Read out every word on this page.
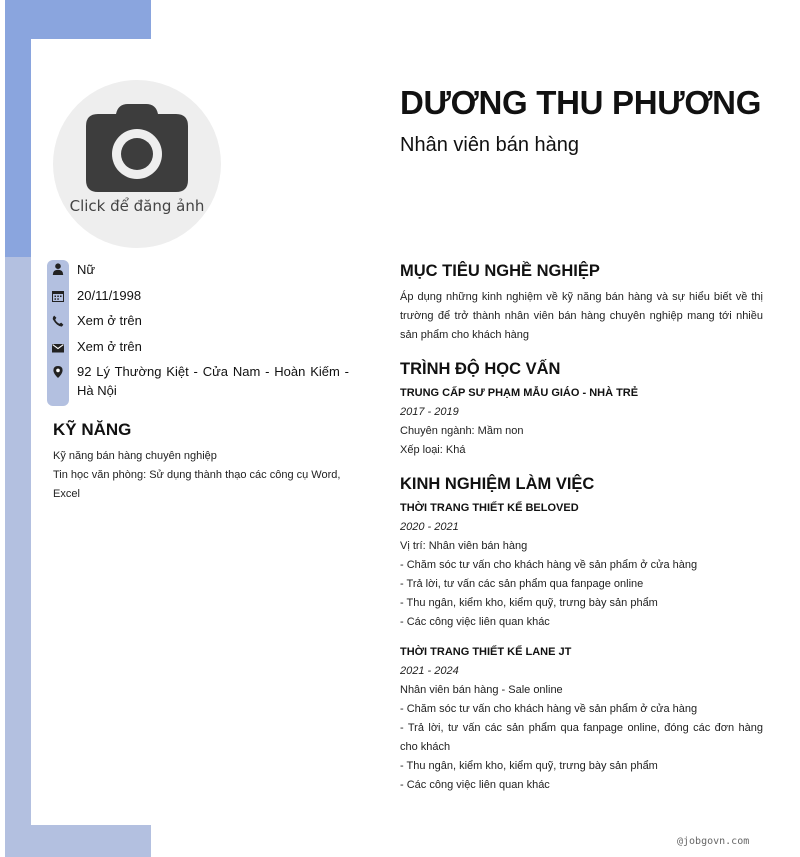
Click để đăng ảnh
Nữ
20/11/1998
Xem ở trên
Xem ở trên
92 Lý Thường Kiệt - Cửa Nam - Hoàn Kiếm - Hà Nội
KỸ NĂNG
Kỹ năng bán hàng chuyên nghiệp
Tin học văn phòng: Sử dụng thành thạo các công cụ Word, Excel
DƯƠNG THU PHƯƠNG
Nhân viên bán hàng
MỤC TIÊU NGHỀ NGHIỆP
Áp dụng những kinh nghiệm về kỹ năng bán hàng và sự hiểu biết về thị trường để trở thành nhân viên bán hàng chuyên nghiệp mang tới nhiều sản phẩm cho khách hàng
TRÌNH ĐỘ HỌC VẤN
TRUNG CẤP SƯ PHẠM MẪU GIÁO - NHÀ TRẺ
2017 - 2019
Chuyên ngành: Mầm non
Xếp loại: Khá
KINH NGHIỆM LÀM VIỆC
THỜI TRANG THIẾT KẾ BELOVED
2020 - 2021
Vị trí: Nhân viên bán hàng
- Chăm sóc tư vấn cho khách hàng về sản phẩm ở cửa hàng
- Trả lời, tư vấn các sản phẩm qua fanpage online
- Thu ngân, kiểm kho, kiểm quỹ, trưng bày sản phẩm
- Các công việc liên quan khác
THỜI TRANG THIẾT KẾ LANE JT
2021 - 2024
Nhân viên bán hàng - Sale online
- Chăm sóc tư vấn cho khách hàng về sản phẩm ở cửa hàng
- Trả lời, tư vấn các sản phẩm qua fanpage online, đóng các đơn hàng cho khách
- Thu ngân, kiểm kho, kiểm quỹ, trưng bày sản phẩm
- Các công việc liên quan khác
@jobgovn.com
